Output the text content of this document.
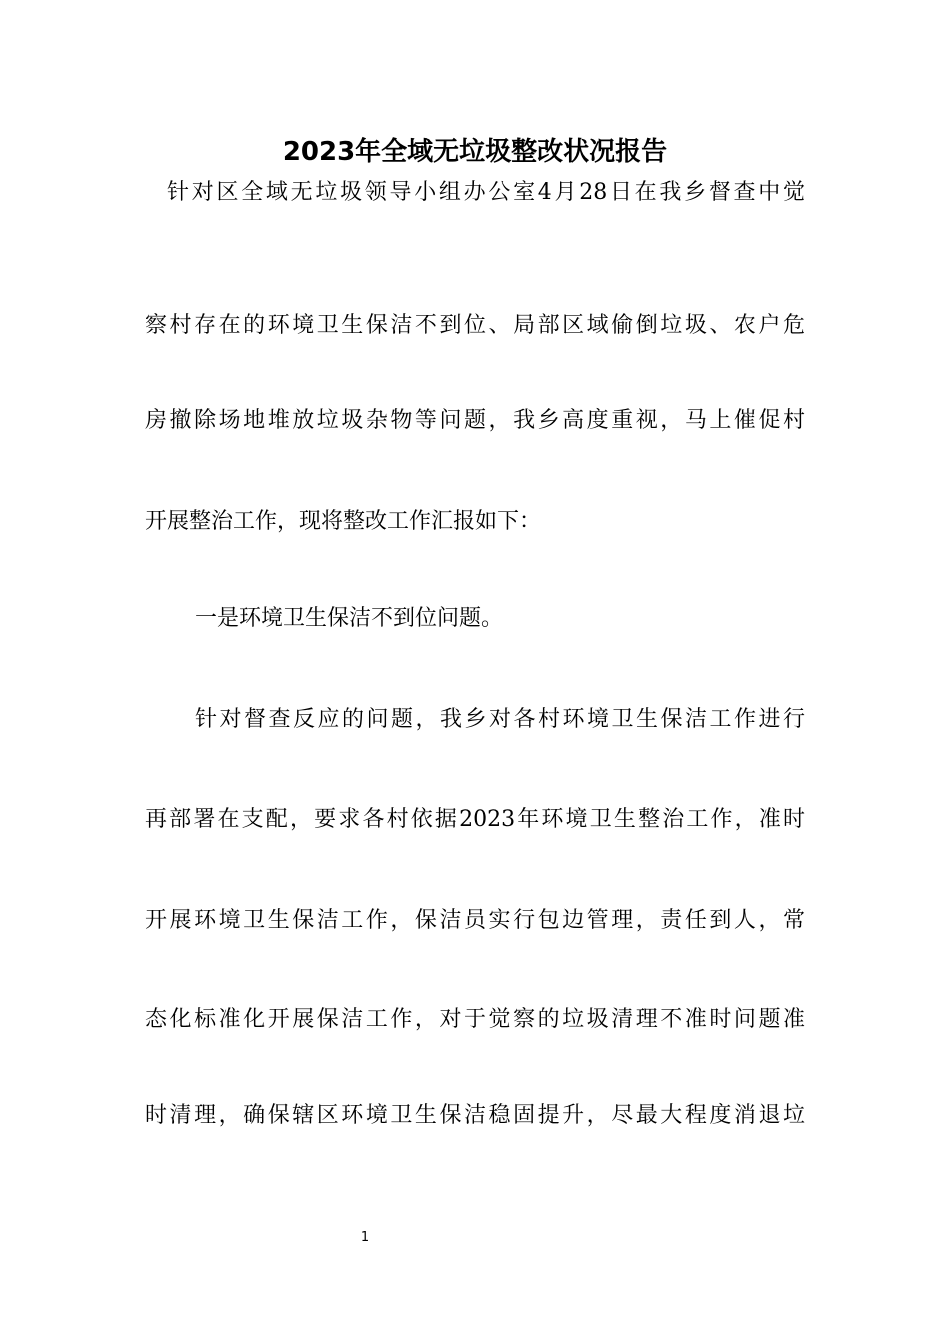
2023年全域无垃圾整改状况报告
针对区全域无垃圾领导小组办公室4月28日在我乡督查中觉
察村存在的环境卫生保洁不到位、局部区域偷倒垃圾、农户危
房撤除场地堆放垃圾杂物等问题，我乡高度重视，马上催促村
开展整治工作，现将整改工作汇报如下：
一是环境卫生保洁不到位问题。
针对督查反应的问题，我乡对各村环境卫生保洁工作进行
再部署在支配，要求各村依据2023年环境卫生整治工作，准时
开展环境卫生保洁工作，保洁员实行包边管理，责任到人，常
态化标准化开展保洁工作，对于觉察的垃圾清理不准时问题准
时清理，确保辖区环境卫生保洁稳固提升，尽最大程度消退垃
1
